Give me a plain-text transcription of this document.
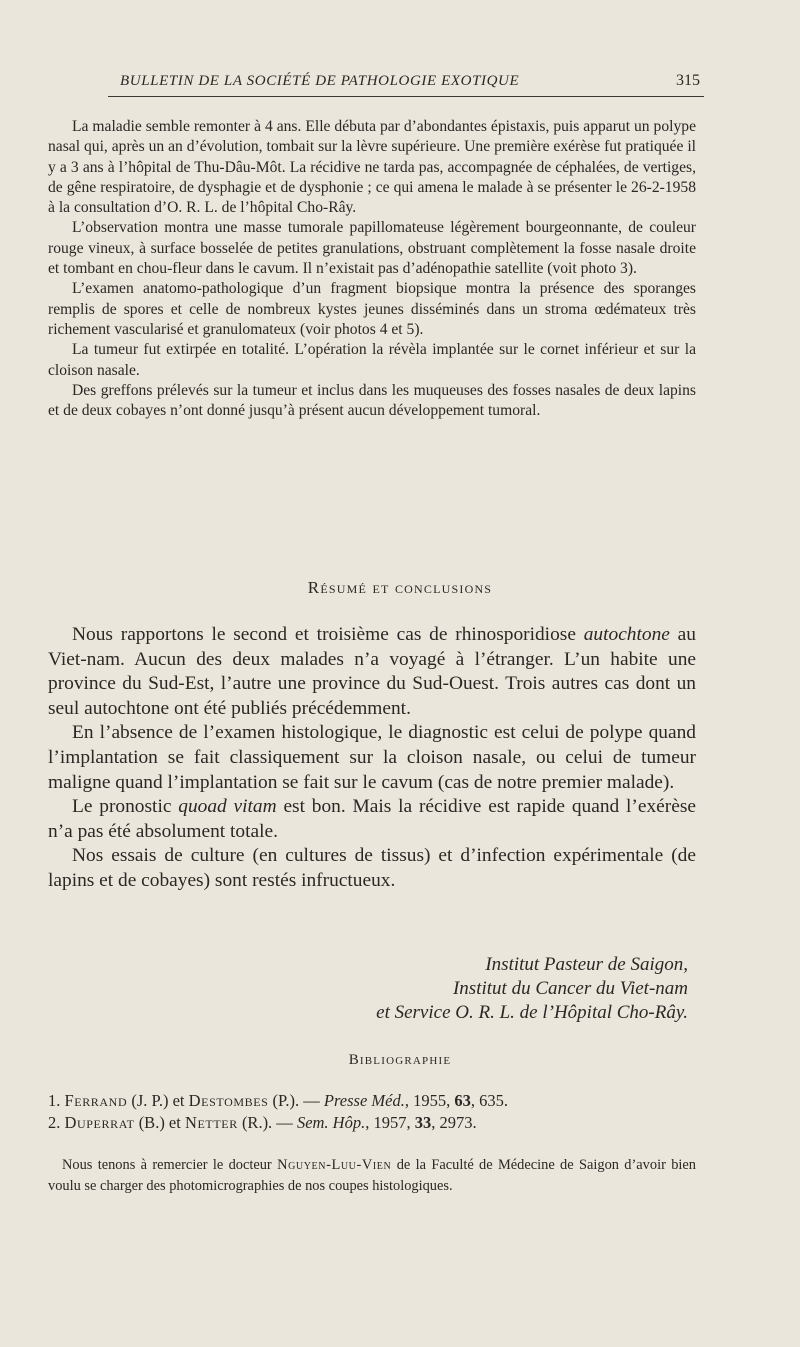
BULLETIN DE LA SOCIÉTÉ DE PATHOLOGIE EXOTIQUE	315

La maladie semble remonter à 4 ans. Elle débuta par d’abondantes épistaxis, puis apparut un polype nasal qui, après un an d’évolution, tombait sur la lèvre supérieure. Une première exérèse fut pratiquée il y a 3 ans à l’hôpital de Thu-Dâu-Môt. La récidive ne tarda pas, accompagnée de céphalées, de vertiges, de gêne respiratoire, de dysphagie et de dysphonie ; ce qui amena le malade à se présenter le 26-2-1958 à la consultation d’O. R. L. de l’hôpital Cho-Rây.

L’observation montra une masse tumorale papillomateuse légèrement bourgeonnante, de couleur rouge vineux, à surface bosselée de petites granulations, obstruant complètement la fosse nasale droite et tombant en chou-fleur dans le cavum. Il n’existait pas d’adénopathie satellite (voit photo 3).

L’examen anatomo-pathologique d’un fragment biopsique montra la présence des sporanges remplis de spores et celle de nombreux kystes jeunes disséminés dans un stroma œdémateux très richement vascularisé et granulomateux (voir photos 4 et 5).

La tumeur fut extirpée en totalité. L’opération la révèla implantée sur le cornet inférieur et sur la cloison nasale.

Des greffons prélevés sur la tumeur et inclus dans les muqueuses des fosses nasales de deux lapins et de deux cobayes n’ont donné jusqu’à présent aucun développement tumoral.

Résumé et conclusions

Nous rapportons le second et troisième cas de rhinosporidiose autochtone au Viet-nam. Aucun des deux malades n’a voyagé à l’étranger. L’un habite une province du Sud-Est, l’autre une province du Sud-Ouest. Trois autres cas dont un seul autochtone ont été publiés précédemment.

En l’absence de l’examen histologique, le diagnostic est celui de polype quand l’implantation se fait classiquement sur la cloison nasale, ou celui de tumeur maligne quand l’implantation se fait sur le cavum (cas de notre premier malade).

Le pronostic quoad vitam est bon. Mais la récidive est rapide quand l’exérèse n’a pas été absolument totale.

Nos essais de culture (en cultures de tissus) et d’infection expérimentale (de lapins et de cobayes) sont restés infructueux.

Institut Pasteur de Saigon,
Institut du Cancer du Viet-nam
et Service O. R. L. de l’Hôpital Cho-Rây.
Bibliographie
1. Ferrand (J. P.) et Destombes (P.). — Presse Méd., 1955, 63, 635.
2. Duperrat (B.) et Netter (R.). — Sem. Hôp., 1957, 33, 2973.

Nous tenons à remercier le docteur Nguyen-Luu-Vien de la Faculté de Médecine de Saigon d’avoir bien voulu se charger des photomicrographies de nos coupes histologiques.
